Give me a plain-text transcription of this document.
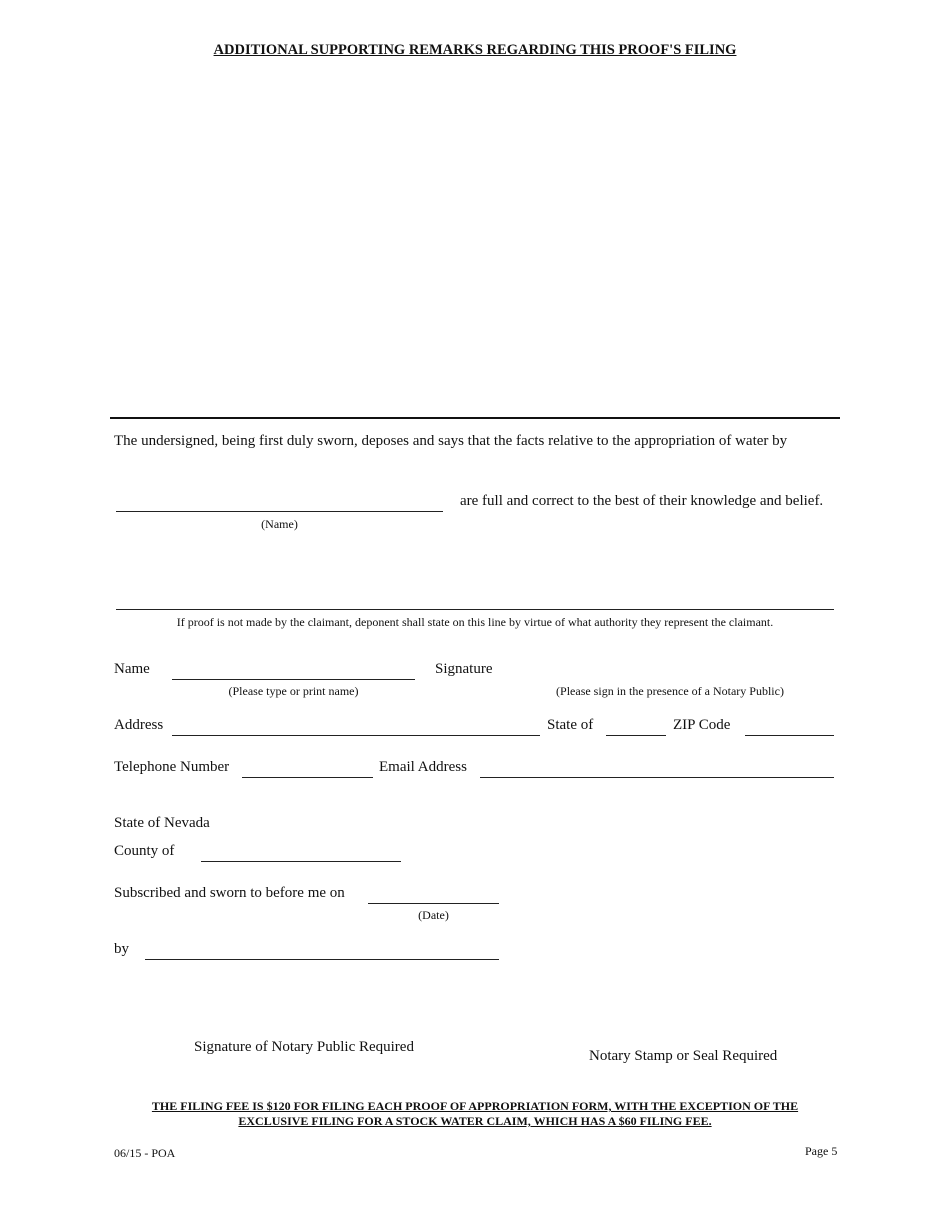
ADDITIONAL SUPPORTING REMARKS REGARDING THIS PROOF'S FILING
The undersigned, being first duly sworn, deposes and says that the facts relative to the appropriation of water by
are full and correct to the best of their knowledge and belief.
(Name)
If proof is not made by the claimant, deponent shall state on this line by virtue of what authority they represent the claimant.
Name
(Please type or print name)
Signature
(Please sign in the presence of a Notary Public)
Address	State of	ZIP Code
Telephone Number	Email Address
State of Nevada
County of
Subscribed and sworn to before me on
(Date)
by
Signature of Notary Public Required
Notary Stamp or Seal Required
THE FILING FEE IS $120 FOR FILING EACH PROOF OF APPROPRIATION FORM, WITH THE EXCEPTION OF THE
EXCLUSIVE FILING FOR A STOCK WATER CLAIM, WHICH HAS A $60 FILING FEE.
06/15 - POA	Page 5
